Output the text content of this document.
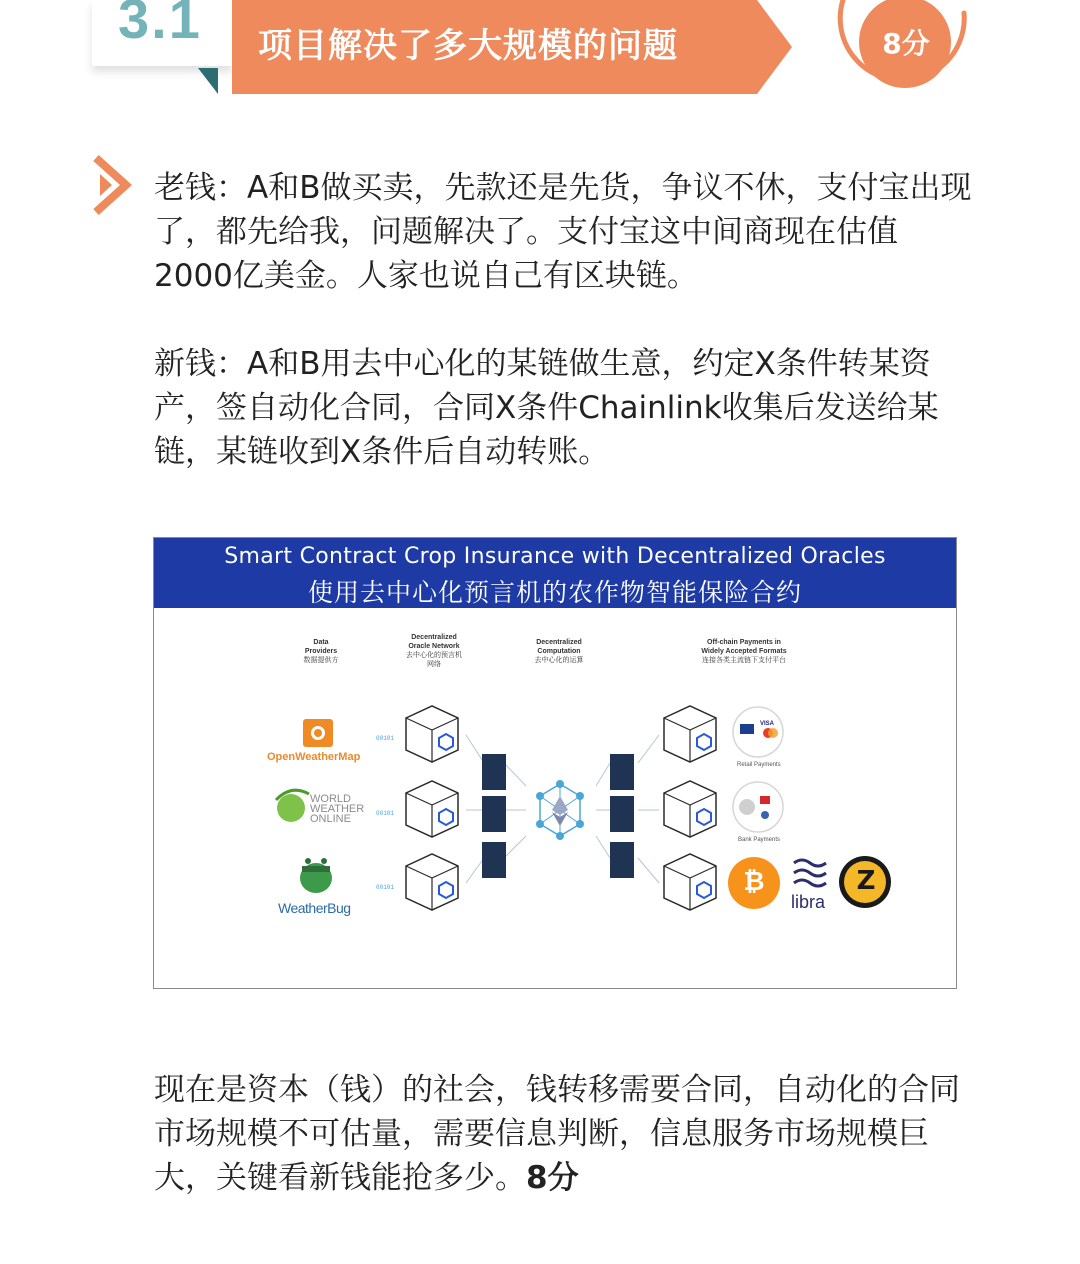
3.1 项目解决了多大规模的问题	8分

老钱：A和B做买卖，先款还是先货，争议不休，支付宝出现了，都先给我，问题解决了。支付宝这中间商现在估值2000亿美金。人家也说自己有区块链。

新钱：A和B用去中心化的某链做生意，约定X条件转某资产，签自动化合同，合同X条件Chainlink收集后发送给某链，某链收到X条件后自动转账。

Smart Contract Crop Insurance with Decentralized Oracles
使用去中心化预言机的农作物智能保险合约
Data
Providers
数据提供方
Decentralized
Oracle Network
去中心化的预言机
网络
Decentralized
Computation
去中心化的运算
Off-chain Payments in
Widely Accepted Formats
连接各类主流链下支付平台
OpenWeatherMap
WORLD WEATHER ONLINE
WeatherBug
00101
00101
00101
Retail Payments
Bank Payments
PayPal
VISA
₿	Z
libra

现在是资本（钱）的社会，钱转移需要合同，自动化的合同市场规模不可估量，需要信息判断，信息服务市场规模巨大，关键看新钱能抢多少。8分
